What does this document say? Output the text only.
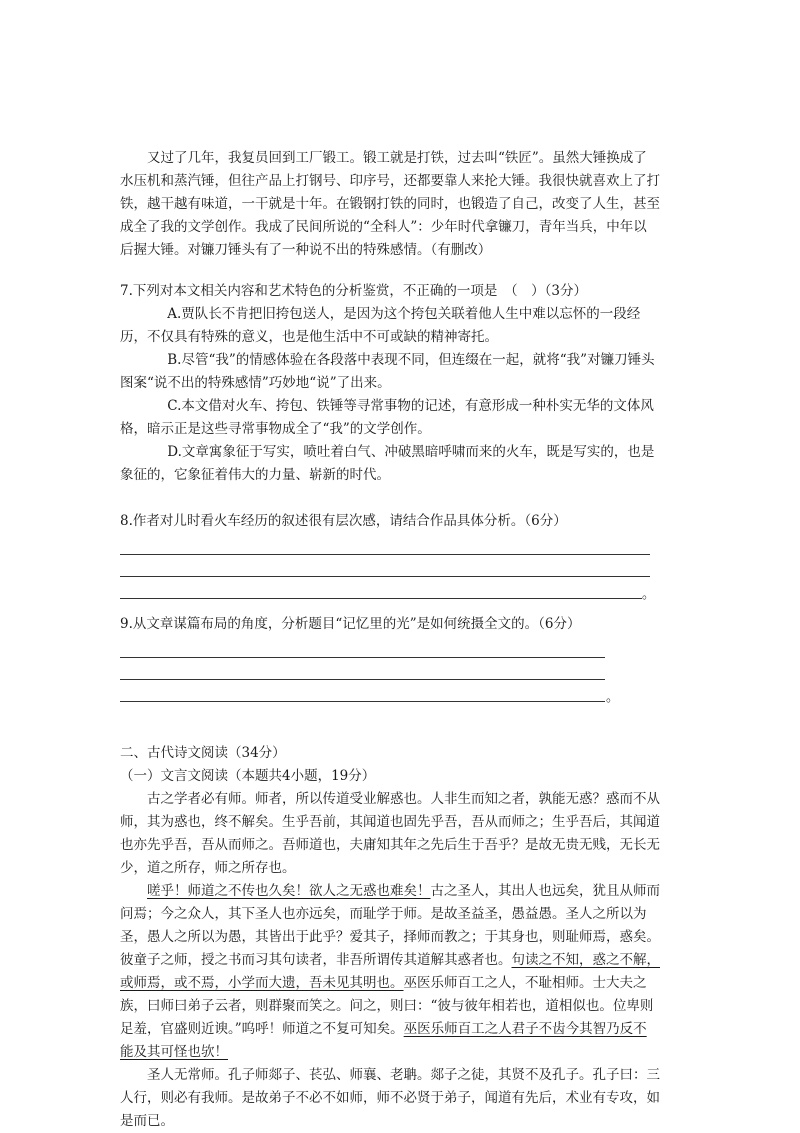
又过了几年，我复员回到工厂锻工。锻工就是打铁，过去叫“铁匠”。虽然大锤换成了水压机和蒸汽锤，但往产品上打钢号、印序号，还都要靠人来抡大锤。我很快就喜欢上了打铁，越干越有味道，一干就是十年。在锻钢打铁的同时，也锻造了自己，改变了人生，甚至成全了我的文学创作。我成了民间所说的“全科人”：少年时代拿镰刀，青年当兵，中年以后握大锤。对镰刀锤头有了一种说不出的特殊感情。（有删改）

7.下列对本文相关内容和艺术特色的分析鉴赏，不正确的一项是　（　）（3分）

A.贾队长不肯把旧挎包送人，是因为这个挎包关联着他人生中难以忘怀的一段经历，不仅具有特殊的意义，也是他生活中不可或缺的精神寄托。

B.尽管“我”的情感体验在各段落中表现不同，但连缀在一起，就将“我”对镰刀锤头图案“说不出的特殊感情”巧妙地“说”了出来。

C.本文借对火车、挎包、铁锤等寻常事物的记述，有意形成一种朴实无华的文体风格，暗示正是这些寻常事物成全了“我”的文学创作。

D.文章寓象征于写实，喷吐着白气、冲破黑暗呼啸而来的火车，既是写实的，也是象征的，它象征着伟大的力量、崭新的时代。

8.作者对儿时看火车经历的叙述很有层次感，请结合作品具体分析。（6分）

。

9.从文章谋篇布局的角度，分析题目“记忆里的光”是如何统摄全文的。（6分）

。

二、古代诗文阅读（34分）

（一）文言文阅读（本题共4小题，19分）

古之学者必有师。师者，所以传道受业解惑也。人非生而知之者，孰能无惑？惑而不从师，其为惑也，终不解矣。生乎吾前，其闻道也固先乎吾，吾从而师之；生乎吾后，其闻道也亦先乎吾，吾从而师之。吾师道也，夫庸知其年之先后生于吾乎？是故无贵无贱，无长无少，道之所存，师之所存也。

嗟乎！师道之不传也久矣！欲人之无惑也难矣！古之圣人，其出人也远矣，犹且从师而问焉；今之众人，其下圣人也亦远矣，而耻学于师。是故圣益圣，愚益愚。圣人之所以为圣，愚人之所以为愚，其皆出于此乎？爱其子，择师而教之；于其身也，则耻师焉，惑矣。彼童子之师，授之书而习其句读者，非吾所谓传其道解其惑者也。句读之不知，惑之不解，或师焉，或不焉，小学而大遗，吾未见其明也。巫医乐师百工之人，不耻相师。士大夫之族，曰师曰弟子云者，则群聚而笑之。问之，则曰：“彼与彼年相若也，道相似也。位卑则足羞，官盛则近谀。”呜呼！师道之不复可知矣。巫医乐师百工之人君子不齿今其智乃反不能及其可怪也欤！

圣人无常师。孔子师郯子、苌弘、师襄、老聃。郯子之徒，其贤不及孔子。孔子曰：三人行，则必有我师。是故弟子不必不如师，师不必贤于弟子，闻道有先后，术业有专攻，如是而已。
